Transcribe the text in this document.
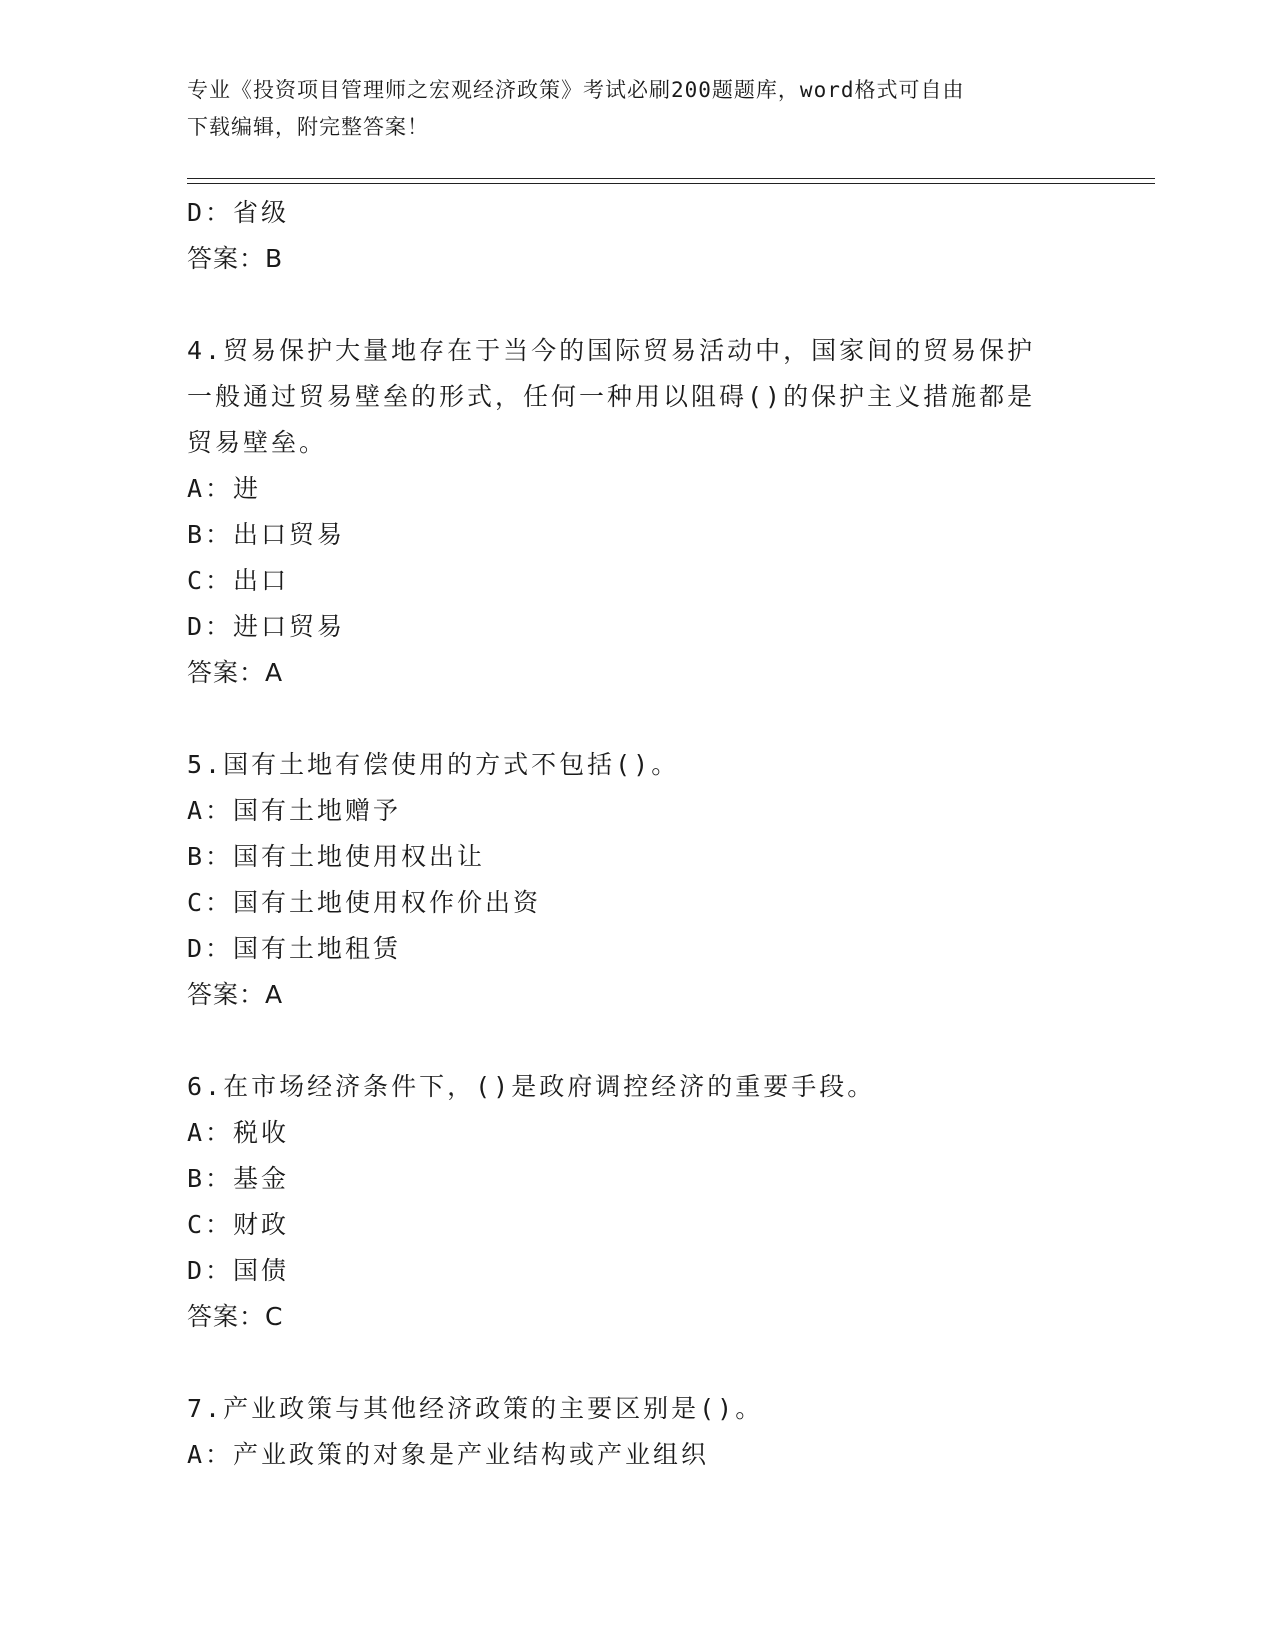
专业《投资项目管理师之宏观经济政策》考试必刷200题题库，word格式可自由
下载编辑，附完整答案！
D：省级
答案：B
4.贸易保护大量地存在于当今的国际贸易活动中，国家间的贸易保护
一般通过贸易壁垒的形式，任何一种用以阻碍()的保护主义措施都是
贸易壁垒。
A：进
B：出口贸易
C：出口
D：进口贸易
答案：A
5.国有土地有偿使用的方式不包括()。
A：国有土地赠予
B：国有土地使用权出让
C：国有土地使用权作价出资
D：国有土地租赁
答案：A
6.在市场经济条件下，()是政府调控经济的重要手段。
A：税收
B：基金
C：财政
D：国债
答案：C
7.产业政策与其他经济政策的主要区别是()。
A：产业政策的对象是产业结构或产业组织
